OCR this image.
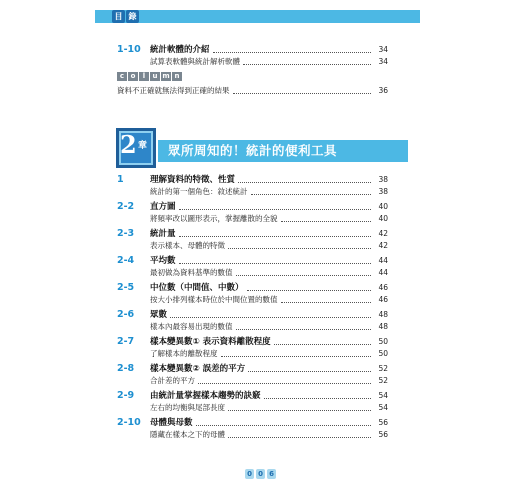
目 錄
1-10	統計軟體的介紹	34
試算表軟體與統計解析軟體	34
c o	l	u m n
資料不正確就無法得到正確的結果	36
2 章 眾所周知的！統計的便利工具
1	理解資料的特徵、性質	38
統計的第一個角色：敘述統計	38
2-2	直方圖	40
將頻率改以圖形表示，掌握離散的全貌	40
2-3	統計量	42
表示樣本、母體的特徵	42
2-4	平均數	44
最初做為資料基準的數值	44
2-5	中位數（中間值、中數）	46
按大小排列樣本時位於中間位置的數值	46
2-6	眾數	48
樣本內最容易出現的數值	48
2-7	樣本變異數① 表示資料離散程度	50
了解樣本的離散程度	50
2-8	樣本變異數② 誤差的平方	52
合計差的平方	52
2-9	由統計量掌握樣本趨勢的訣竅	54
左右的均衡與尾部長度	54
2-10	母體與母數	56
隱藏在樣本之下的母體	56
0 0 6
